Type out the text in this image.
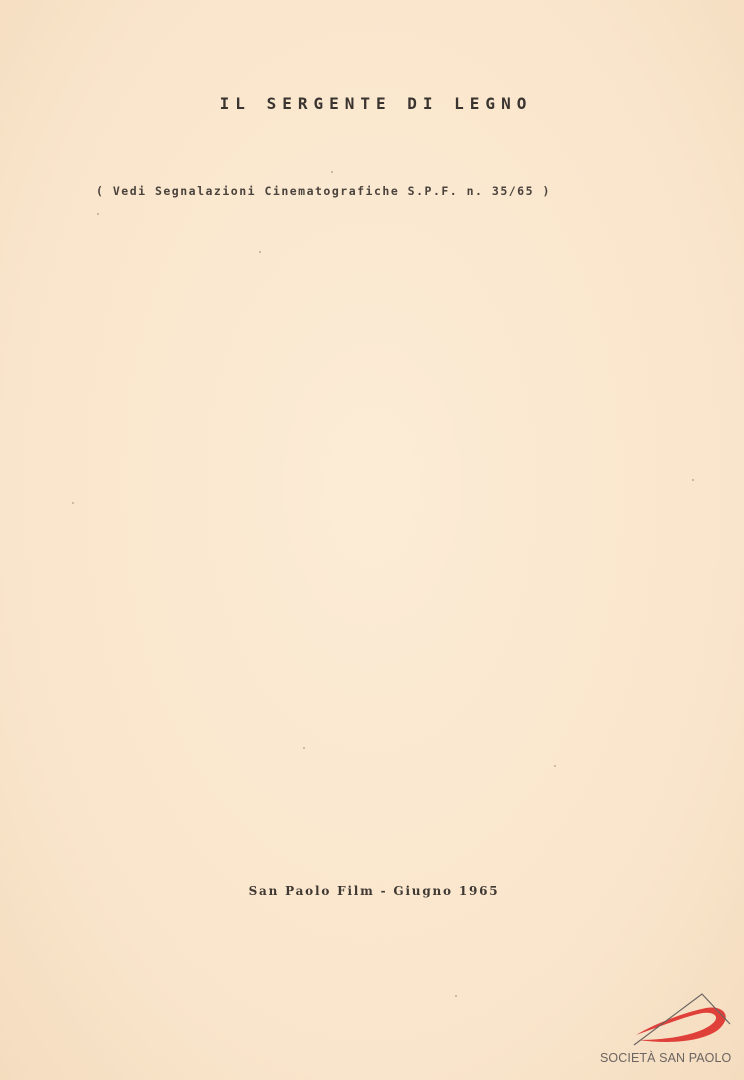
IL SERGENTE DI LEGNO
( Vedi Segnalazioni Cinematografiche S.P.F. n. 35/65 )
San Paolo Film - Giugno 1965
SOCIETÀ SAN PAOLO
